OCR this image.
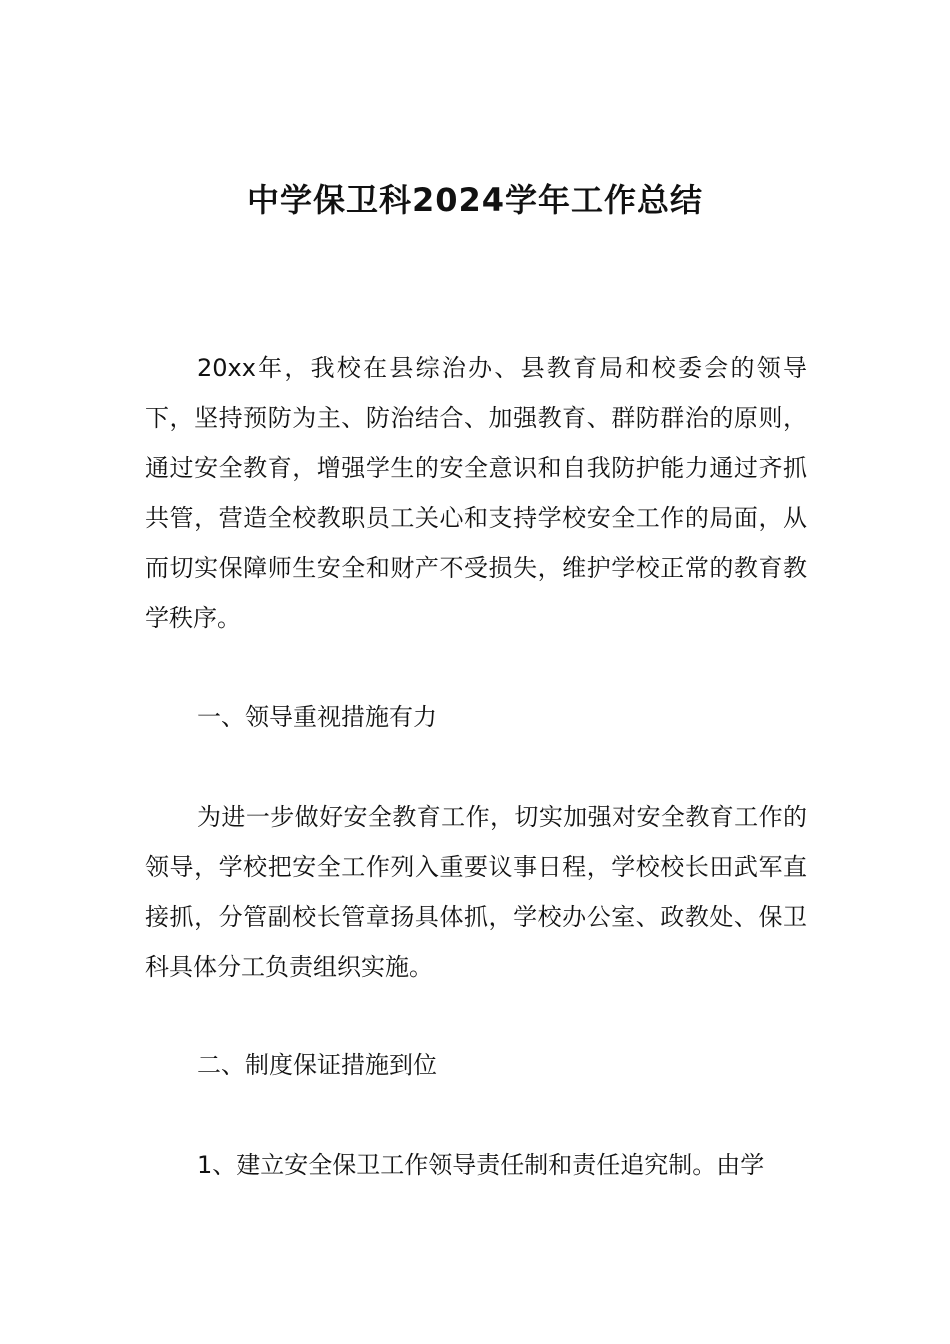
中学保卫科2024学年工作总结

20xx年，我校在县综治办、县教育局和校委会的领导下，坚持预防为主、防治结合、加强教育、群防群治的原则，通过安全教育，增强学生的安全意识和自我防护能力通过齐抓共管，营造全校教职员工关心和支持学校安全工作的局面，从而切实保障师生安全和财产不受损失，维护学校正常的教育教学秩序。

一、领导重视措施有力

为进一步做好安全教育工作，切实加强对安全教育工作的领导，学校把安全工作列入重要议事日程，学校校长田武军直接抓，分管副校长管章扬具体抓，学校办公室、政教处、保卫科具体分工负责组织实施。

二、制度保证措施到位

1、建立安全保卫工作领导责任制和责任追究制。由学
